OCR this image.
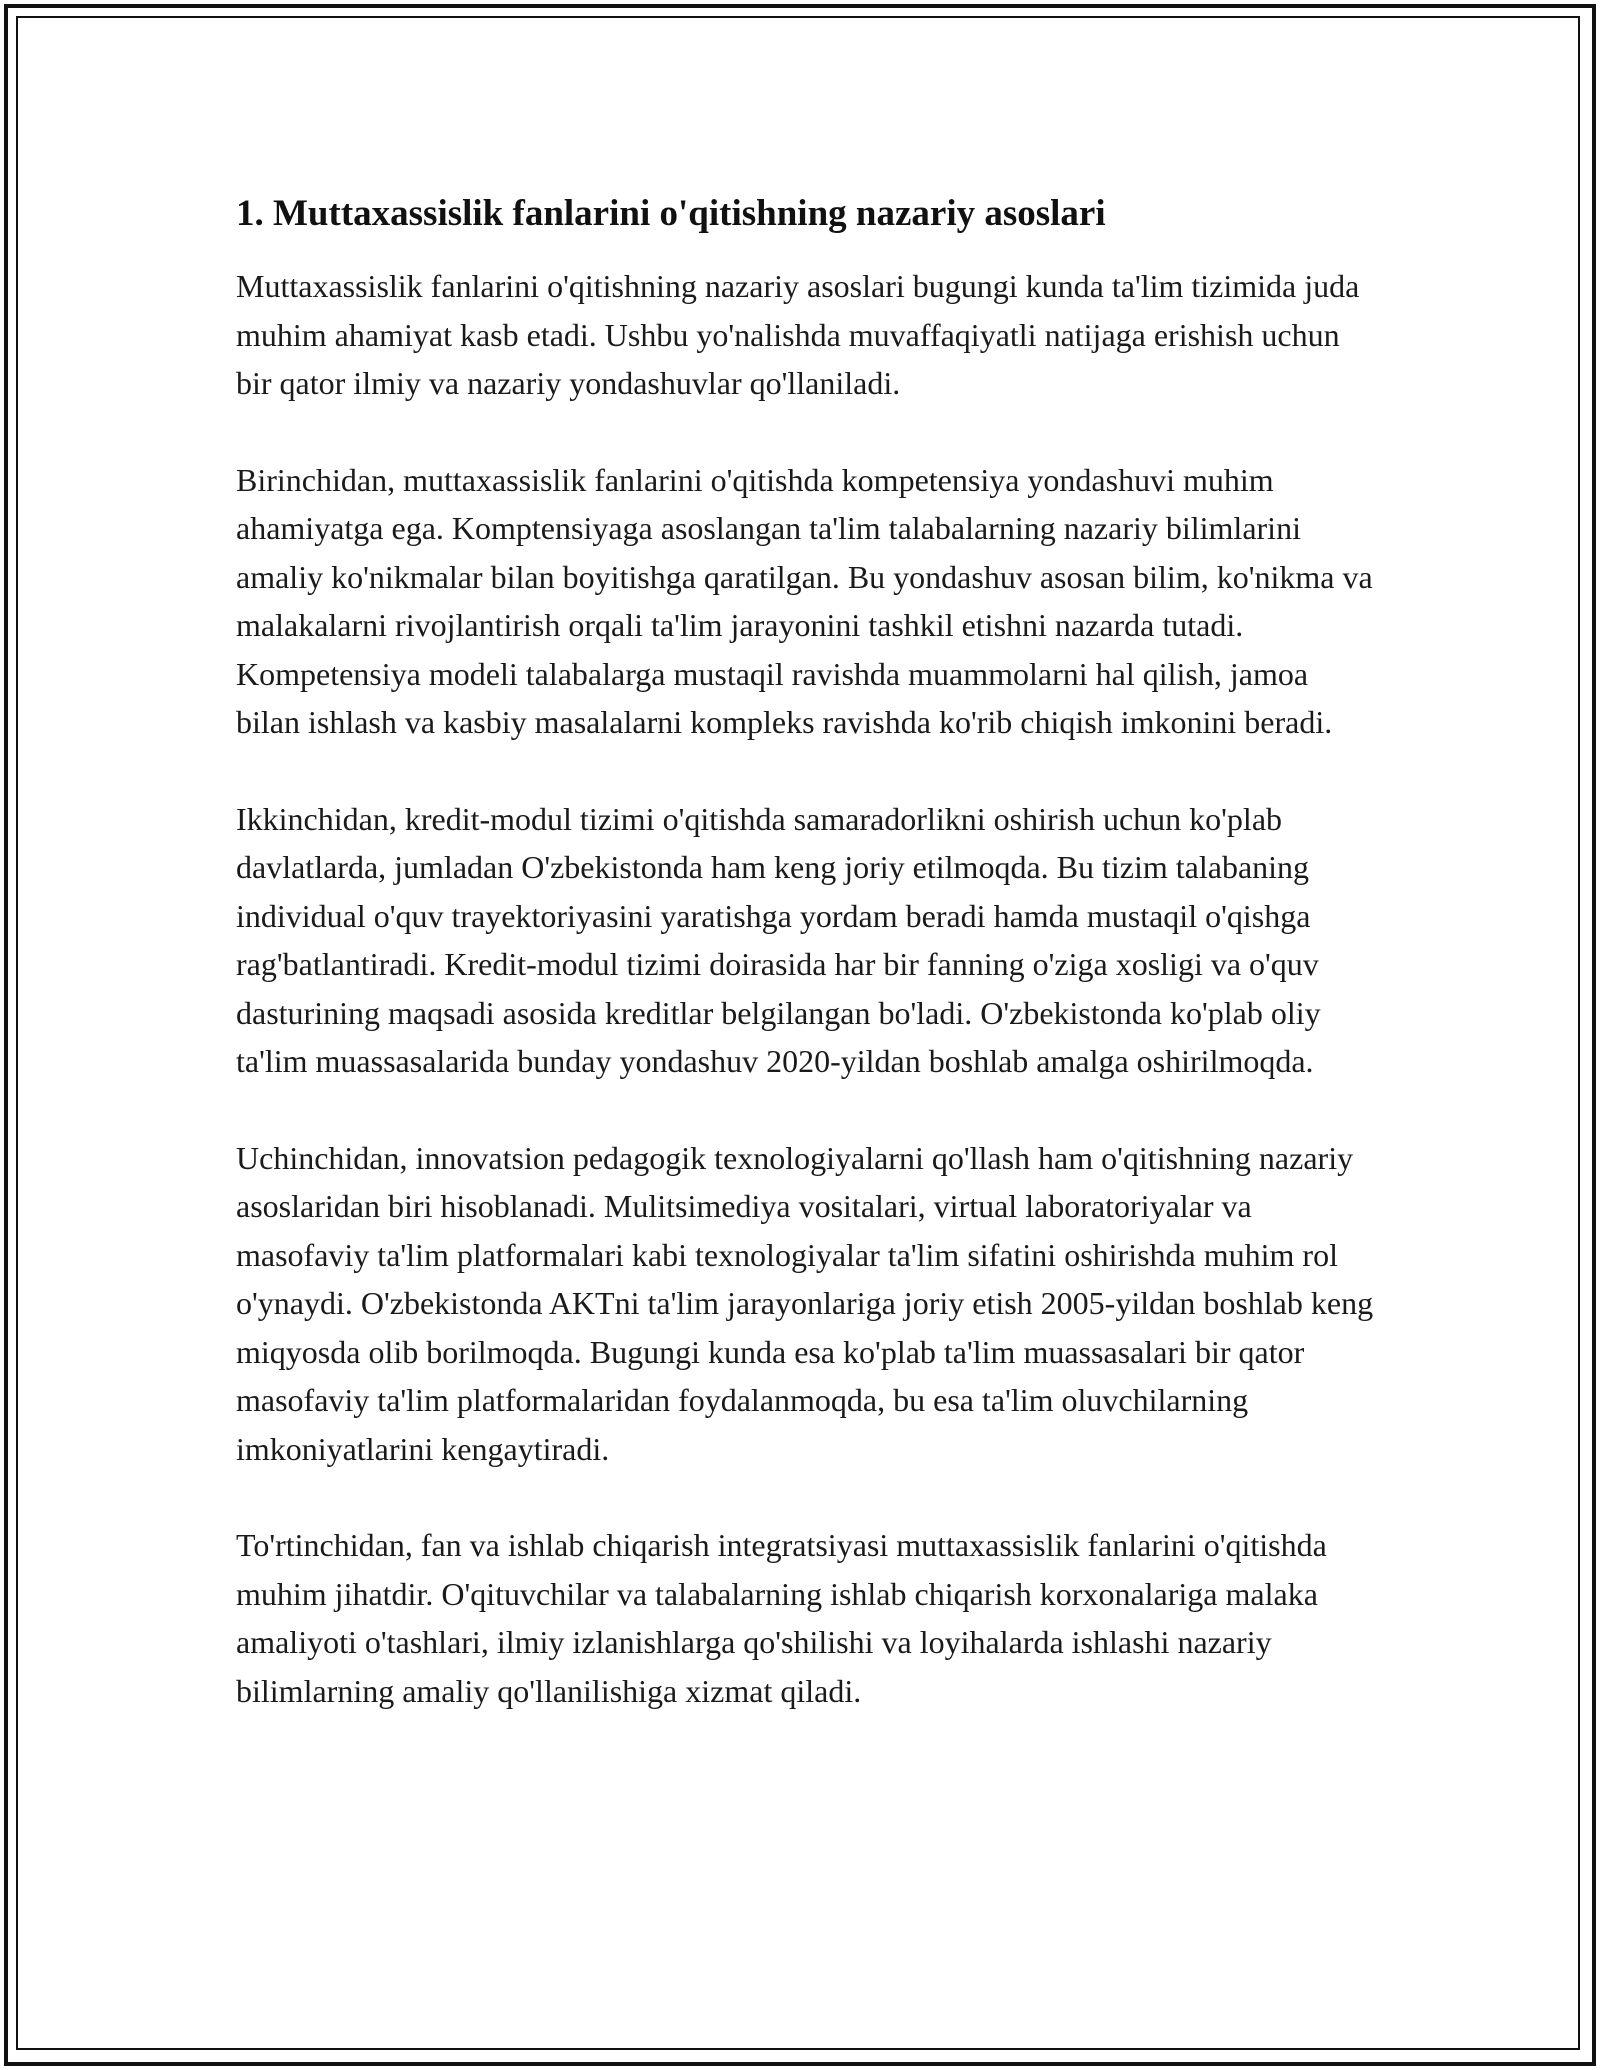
1. Muttaxassislik fanlarini o'qitishning nazariy asoslari

Muttaxassislik fanlarini o'qitishning nazariy asoslari bugungi kunda ta'lim tizimida juda muhim ahamiyat kasb etadi. Ushbu yo'nalishda muvaffaqiyatli natijaga erishish uchun bir qator ilmiy va nazariy yondashuvlar qo'llaniladi.

Birinchidan, muttaxassislik fanlarini o'qitishda kompetensiya yondashuvi muhim ahamiyatga ega. Komptensiyaga asoslangan ta'lim talabalarning nazariy bilimlarini amaliy ko'nikmalar bilan boyitishga qaratilgan. Bu yondashuv asosan bilim, ko'nikma va malakalarni rivojlantirish orqali ta'lim jarayonini tashkil etishni nazarda tutadi. Kompetensiya modeli talabalarga mustaqil ravishda muammolarni hal qilish, jamoa bilan ishlash va kasbiy masalalarni kompleks ravishda ko'rib chiqish imkonini beradi.

Ikkinchidan, kredit-modul tizimi o'qitishda samaradorlikni oshirish uchun ko'plab davlatlarda, jumladan O'zbekistonda ham keng joriy etilmoqda. Bu tizim talabaning individual o'quv trayektoriyasini yaratishga yordam beradi hamda mustaqil o'qishga rag'batlantiradi. Kredit-modul tizimi doirasida har bir fanning o'ziga xosligi va o'quv dasturining maqsadi asosida kreditlar belgilangan bo'ladi. O'zbekistonda ko'plab oliy ta'lim muassasalarida bunday yondashuv 2020-yildan boshlab amalga oshirilmoqda.

Uchinchidan, innovatsion pedagogik texnologiyalarni qo'llash ham o'qitishning nazariy asoslaridan biri hisoblanadi. Mulitsimediya vositalari, virtual laboratoriyalar va masofaviy ta'lim platformalari kabi texnologiyalar ta'lim sifatini oshirishda muhim rol o'ynaydi. O'zbekistonda AKTni ta'lim jarayonlariga joriy etish 2005-yildan boshlab keng miqyosda olib borilmoqda. Bugungi kunda esa ko'plab ta'lim muassasalari bir qator masofaviy ta'lim platformalaridan foydalanmoqda, bu esa ta'lim oluvchilarning imkoniyatlarini kengaytiradi.

To'rtinchidan, fan va ishlab chiqarish integratsiyasi muttaxassislik fanlarini o'qitishda muhim jihatdir. O'qituvchilar va talabalarning ishlab chiqarish korxonalariga malaka amaliyoti o'tashlari, ilmiy izlanishlarga qo'shilishi va loyihalarda ishlashi nazariy bilimlarning amaliy qo'llanilishiga xizmat qiladi.
